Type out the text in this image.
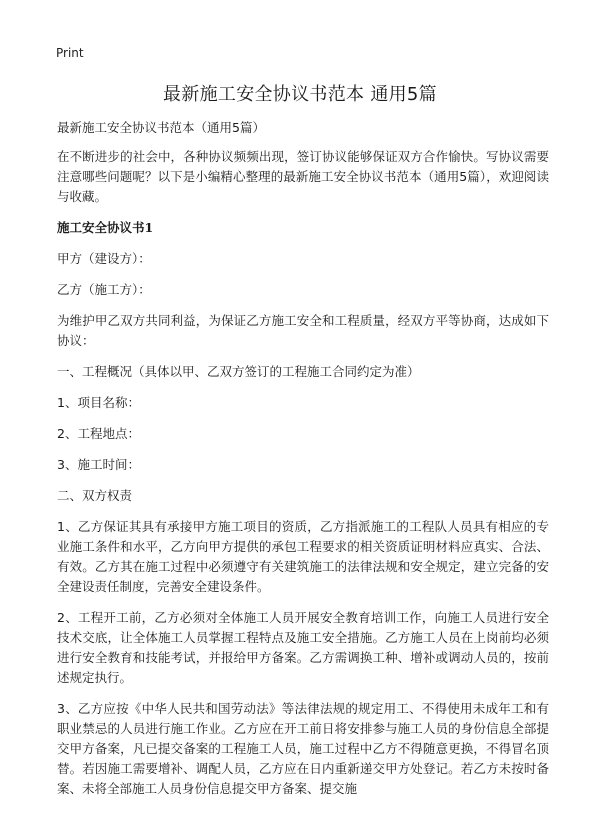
Print
最新施工安全协议书范本 通用5篇

最新施工安全协议书范本（通用5篇）

在不断进步的社会中，各种协议频频出现，签订协议能够保证双方合作愉快。写协议需要注意哪些问题呢？以下是小编精心整理的最新施工安全协议书范本（通用5篇），欢迎阅读与收藏。

施工安全协议书1

甲方（建设方）：

乙方（施工方）：

为维护甲乙双方共同利益，为保证乙方施工安全和工程质量，经双方平等协商，达成如下协议：

一、工程概况（具体以甲、乙双方签订的工程施工合同约定为准）

1、项目名称：

2、工程地点：

3、施工时间：

二、双方权责

1、乙方保证其具有承接甲方施工项目的资质，乙方指派施工的工程队人员具有相应的专业施工条件和水平，乙方向甲方提供的承包工程要求的相关资质证明材料应真实、合法、有效。乙方其在施工过程中必须遵守有关建筑施工的法律法规和安全规定，建立完备的安全建设责任制度，完善安全建设条件。

2、工程开工前，乙方必须对全体施工人员开展安全教育培训工作，向施工人员进行安全技术交底，让全体施工人员掌握工程特点及施工安全措施。乙方施工人员在上岗前均必须进行安全教育和技能考试，并报给甲方备案。乙方需调换工种、增补或调动人员的，按前述规定执行。

3、乙方应按《中华人民共和国劳动法》等法律法规的规定用工、不得使用未成年工和有职业禁忌的人员进行施工作业。乙方应在开工前日将安排参与施工人员的身份信息全部提交甲方备案，凡已提交备案的工程施工人员，施工过程中乙方不得随意更换，不得冒名顶替。若因施工需要增补、调配人员，乙方应在日内重新递交甲方处登记。若乙方未按时备案、未将全部施工人员身份信息提交甲方备案、提交施
